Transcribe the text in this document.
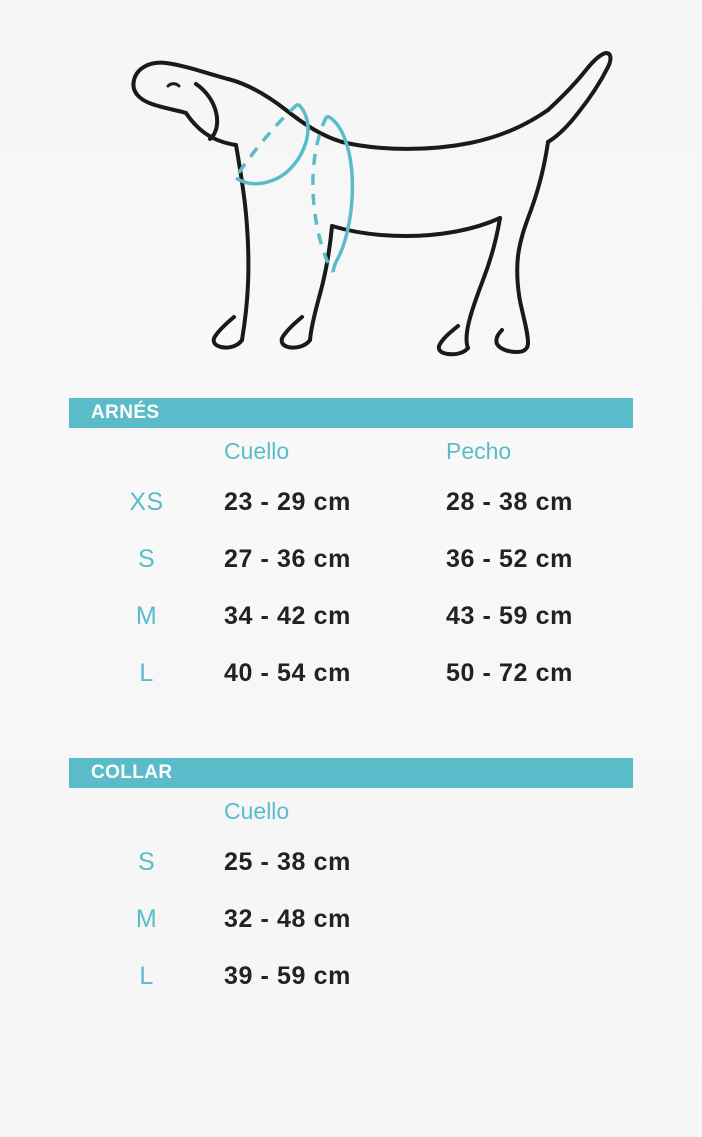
ARNÉS
	Cuello	Pecho
XS	23 - 29 cm	28 - 38 cm
S	27 - 36 cm	36 - 52 cm
M	34 - 42 cm	43 - 59 cm
L	40 - 54 cm	50 - 72 cm
COLLAR
	Cuello	
S	25 - 38 cm	
M	32 - 48 cm	
L	39 - 59 cm	
